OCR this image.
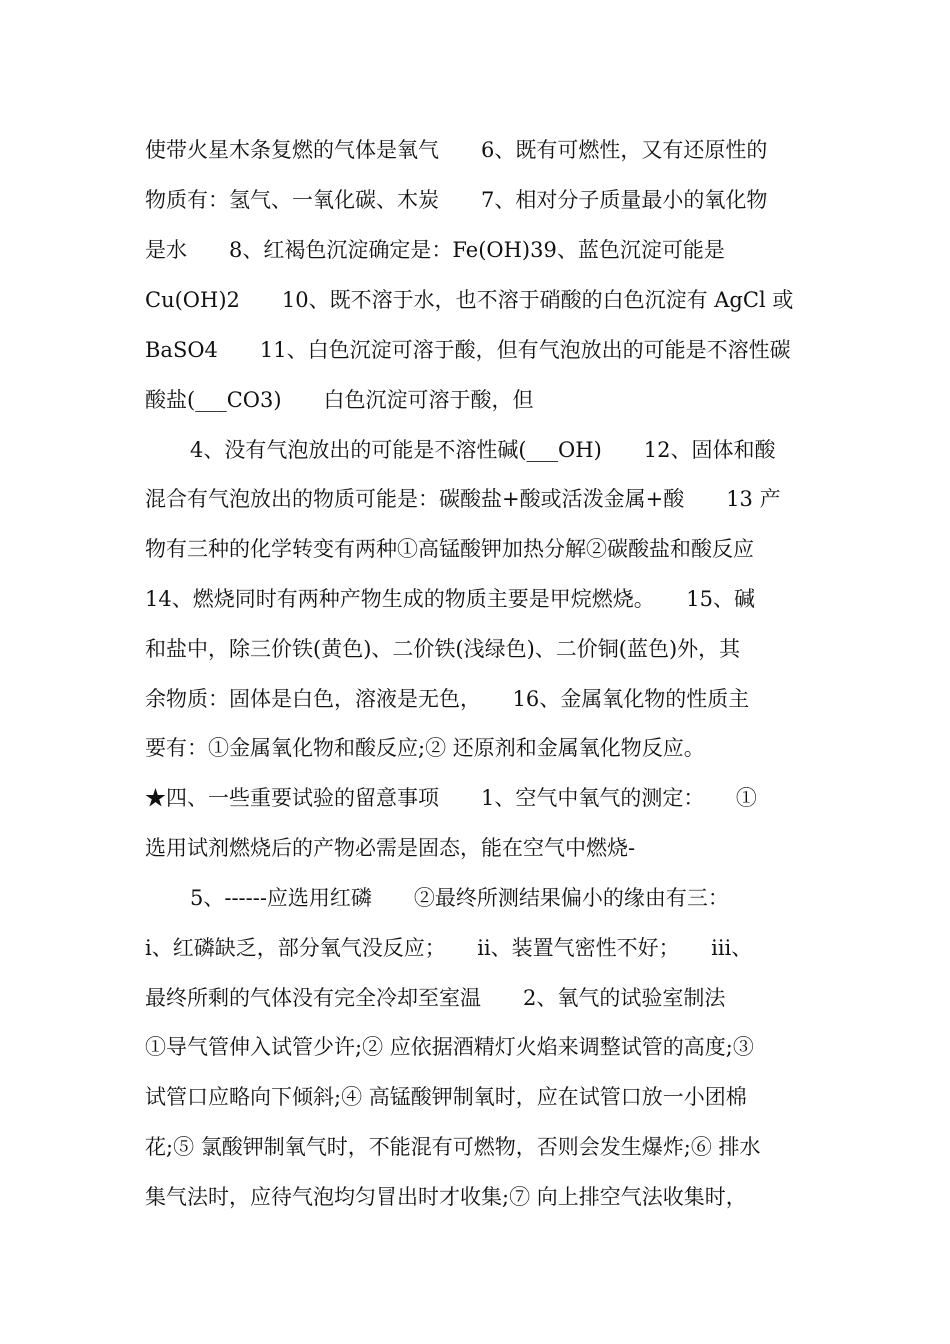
使带火星木条复燃的气体是氧气　　6、既有可燃性，又有还原性的
物质有：氢气、一氧化碳、木炭　　7、相对分子质量最小的氧化物
是水　　8、红褐色沉淀确定是：Fe(OH)39、蓝色沉淀可能是
Cu(OH)2　　10、既不溶于水，也不溶于硝酸的白色沉淀有 AgCl 或
BaSO4　　11、白色沉淀可溶于酸，但有气泡放出的可能是不溶性碳
酸盐(___CO3)　　白色沉淀可溶于酸，但
4、没有气泡放出的可能是不溶性碱(___OH)　　12、固体和酸
混合有气泡放出的物质可能是：碳酸盐+酸或活泼金属+酸　　13 产
物有三种的化学转变有两种①高锰酸钾加热分解②碳酸盐和酸反应
14、燃烧同时有两种产物生成的物质主要是甲烷燃烧。　　15、碱
和盐中，除三价铁(黄色)、二价铁(浅绿色)、二价铜(蓝色)外，其
余物质：固体是白色，溶液是无色，　　16、金属氧化物的性质主
要有：①金属氧化物和酸反应;② 还原剂和金属氧化物反应。
★四、一些重要试验的留意事项　　1、空气中氧气的测定：　　①
选用试剂燃烧后的产物必需是固态，能在空气中燃烧-
5、------应选用红磷　　②最终所测结果偏小的缘由有三：
ⅰ、红磷缺乏，部分氧气没反应；　　ⅱ、装置气密性不好；　　ⅲ、
最终所剩的气体没有完全冷却至室温　　2、氧气的试验室制法
①导气管伸入试管少许;② 应依据酒精灯火焰来调整试管的高度;③
试管口应略向下倾斜;④ 高锰酸钾制氧时，应在试管口放一小团棉
花;⑤ 氯酸钾制氧气时，不能混有可燃物，否则会发生爆炸;⑥ 排水
集气法时，应待气泡均匀冒出时才收集;⑦ 向上排空气法收集时，
